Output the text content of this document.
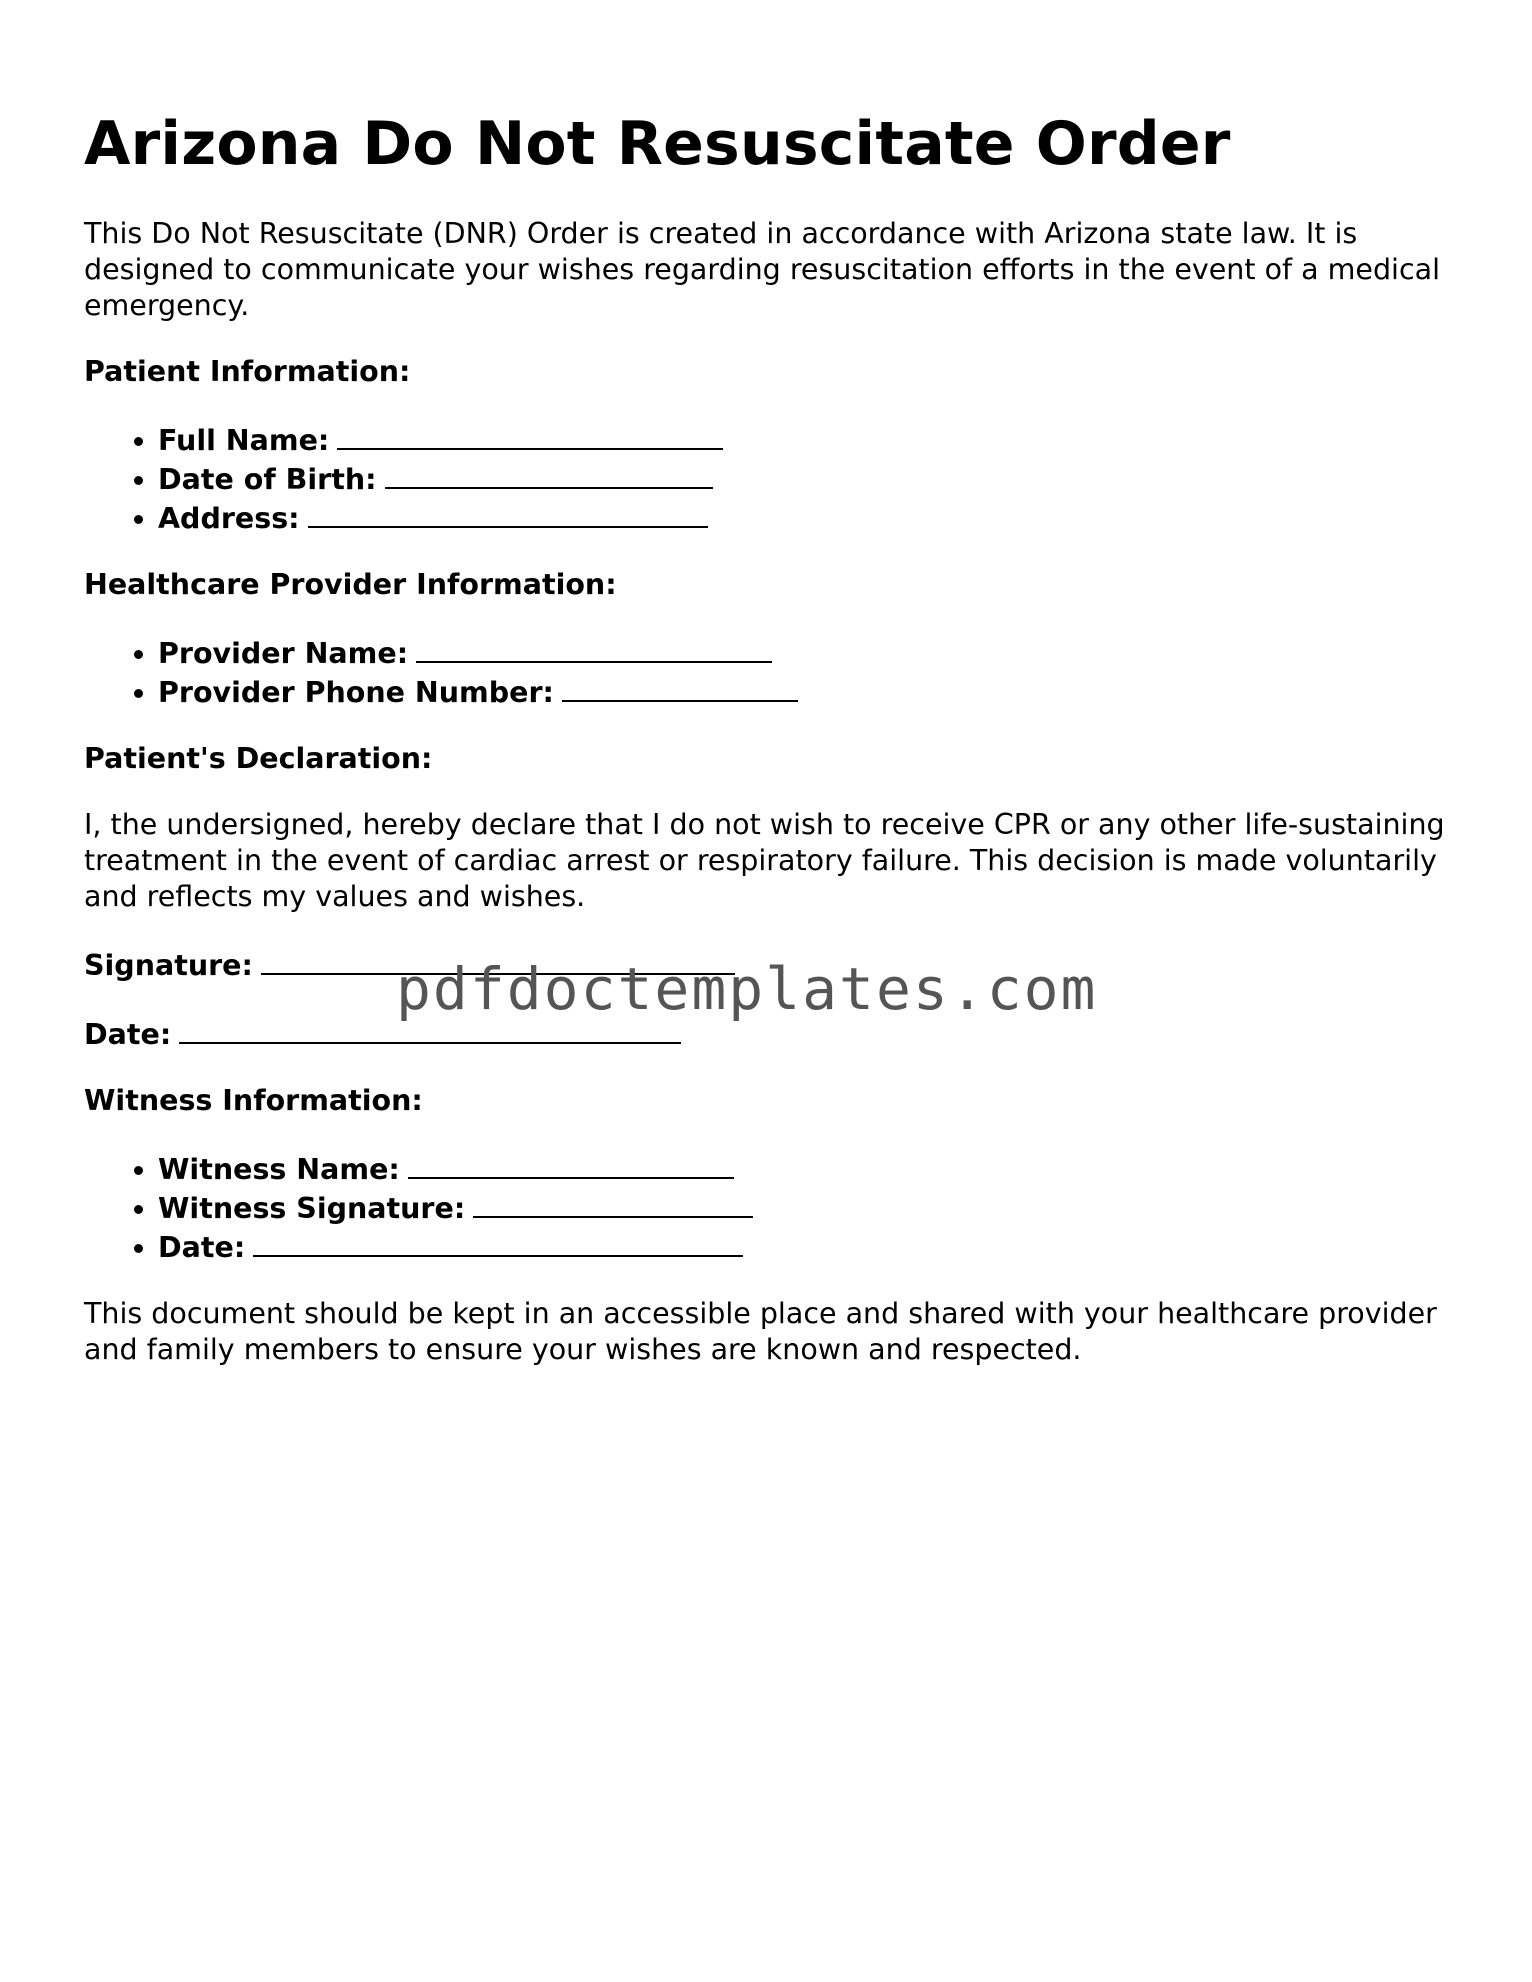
Arizona Do Not Resuscitate Order

This Do Not Resuscitate (DNR) Order is created in accordance with Arizona state law. It is designed to communicate your wishes regarding resuscitation efforts in the event of a medical emergency.

Patient Information:
• Full Name:
• Date of Birth:
• Address:
Healthcare Provider Information:
• Provider Name:
• Provider Phone Number:
Patient's Declaration:

I, the undersigned, hereby declare that I do not wish to receive CPR or any other life-sustaining treatment in the event of cardiac arrest or respiratory failure. This decision is made voluntarily and reflects my values and wishes.

Signature:
Date:
Witness Information:
• Witness Name:
• Witness Signature:
• Date:

This document should be kept in an accessible place and shared with your healthcare provider and family members to ensure your wishes are known and respected.

pdfdoctemplates.com
